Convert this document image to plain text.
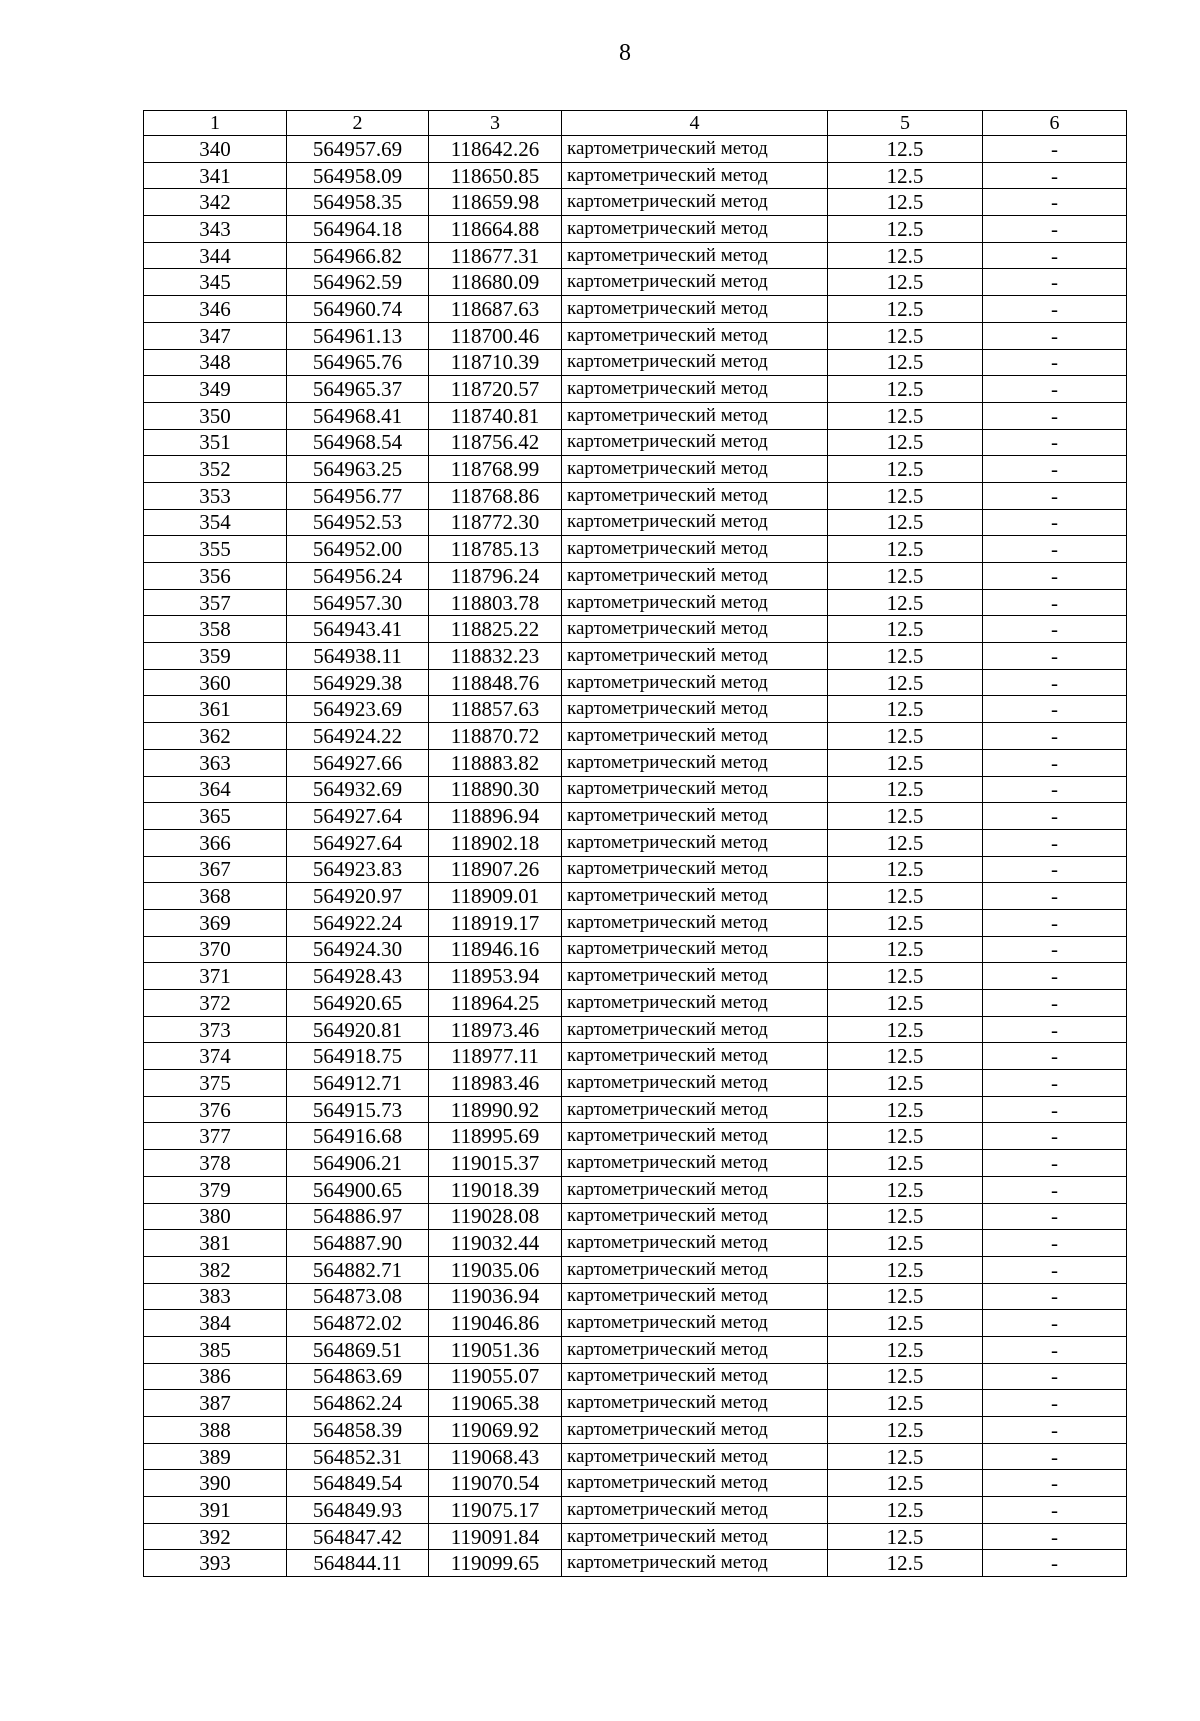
8
1	2	3	4	5	6
340	564957.69	118642.26	картометрический метод	12.5	-
341	564958.09	118650.85	картометрический метод	12.5	-
342	564958.35	118659.98	картометрический метод	12.5	-
343	564964.18	118664.88	картометрический метод	12.5	-
344	564966.82	118677.31	картометрический метод	12.5	-
345	564962.59	118680.09	картометрический метод	12.5	-
346	564960.74	118687.63	картометрический метод	12.5	-
347	564961.13	118700.46	картометрический метод	12.5	-
348	564965.76	118710.39	картометрический метод	12.5	-
349	564965.37	118720.57	картометрический метод	12.5	-
350	564968.41	118740.81	картометрический метод	12.5	-
351	564968.54	118756.42	картометрический метод	12.5	-
352	564963.25	118768.99	картометрический метод	12.5	-
353	564956.77	118768.86	картометрический метод	12.5	-
354	564952.53	118772.30	картометрический метод	12.5	-
355	564952.00	118785.13	картометрический метод	12.5	-
356	564956.24	118796.24	картометрический метод	12.5	-
357	564957.30	118803.78	картометрический метод	12.5	-
358	564943.41	118825.22	картометрический метод	12.5	-
359	564938.11	118832.23	картометрический метод	12.5	-
360	564929.38	118848.76	картометрический метод	12.5	-
361	564923.69	118857.63	картометрический метод	12.5	-
362	564924.22	118870.72	картометрический метод	12.5	-
363	564927.66	118883.82	картометрический метод	12.5	-
364	564932.69	118890.30	картометрический метод	12.5	-
365	564927.64	118896.94	картометрический метод	12.5	-
366	564927.64	118902.18	картометрический метод	12.5	-
367	564923.83	118907.26	картометрический метод	12.5	-
368	564920.97	118909.01	картометрический метод	12.5	-
369	564922.24	118919.17	картометрический метод	12.5	-
370	564924.30	118946.16	картометрический метод	12.5	-
371	564928.43	118953.94	картометрический метод	12.5	-
372	564920.65	118964.25	картометрический метод	12.5	-
373	564920.81	118973.46	картометрический метод	12.5	-
374	564918.75	118977.11	картометрический метод	12.5	-
375	564912.71	118983.46	картометрический метод	12.5	-
376	564915.73	118990.92	картометрический метод	12.5	-
377	564916.68	118995.69	картометрический метод	12.5	-
378	564906.21	119015.37	картометрический метод	12.5	-
379	564900.65	119018.39	картометрический метод	12.5	-
380	564886.97	119028.08	картометрический метод	12.5	-
381	564887.90	119032.44	картометрический метод	12.5	-
382	564882.71	119035.06	картометрический метод	12.5	-
383	564873.08	119036.94	картометрический метод	12.5	-
384	564872.02	119046.86	картометрический метод	12.5	-
385	564869.51	119051.36	картометрический метод	12.5	-
386	564863.69	119055.07	картометрический метод	12.5	-
387	564862.24	119065.38	картометрический метод	12.5	-
388	564858.39	119069.92	картометрический метод	12.5	-
389	564852.31	119068.43	картометрический метод	12.5	-
390	564849.54	119070.54	картометрический метод	12.5	-
391	564849.93	119075.17	картометрический метод	12.5	-
392	564847.42	119091.84	картометрический метод	12.5	-
393	564844.11	119099.65	картометрический метод	12.5	-
